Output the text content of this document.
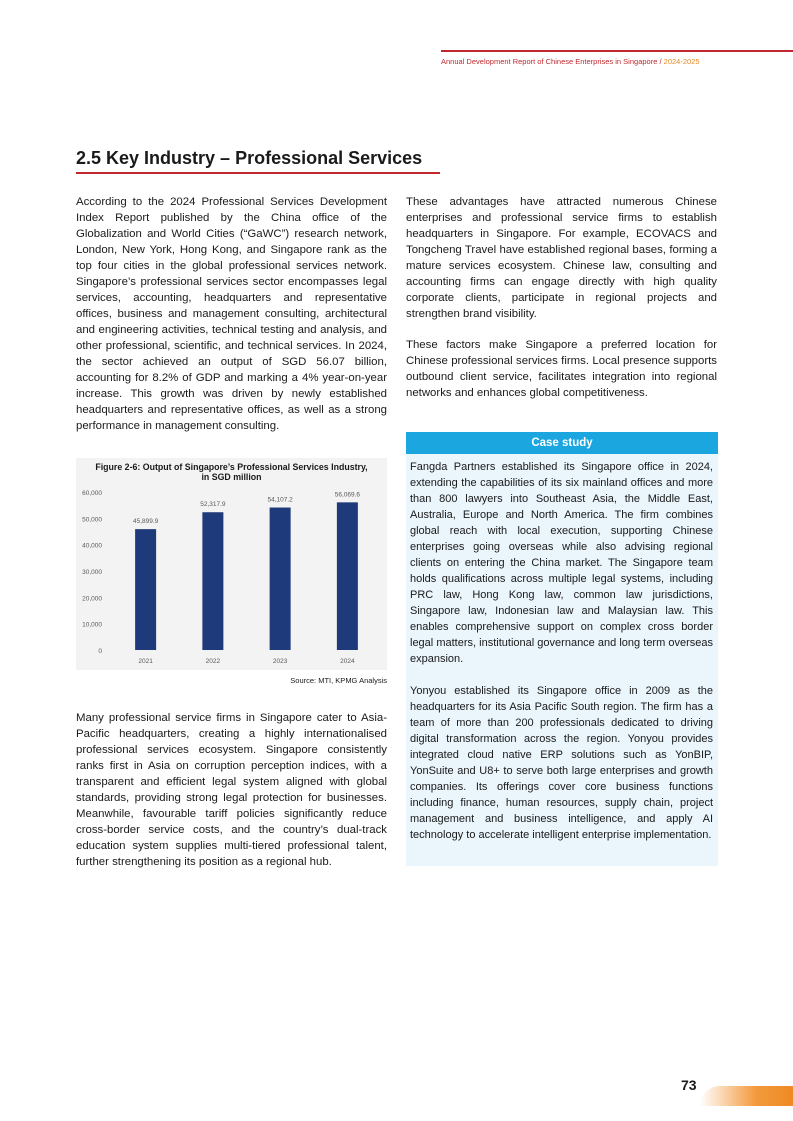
Annual Development Report of Chinese Enterprises in Singapore / 2024-2025
2.5 Key Industry – Professional Services

According to the 2024 Professional Services Development Index Report published by the China office of the Globalization and World Cities (“GaWC”) research network, London, New York, Hong Kong, and Singapore rank as the top four cities in the global professional services network. Singapore’s professional services sector encompasses legal services, accounting, headquarters and representative offices, business and management consulting, architectural and engineering activities, technical testing and analysis, and other professional, scientific, and technical services. In 2024, the sector achieved an output of SGD 56.07 billion, accounting for 8.2% of GDP and marking a 4% year-on-year increase. This growth was driven by newly established headquarters and representative offices, as well as a strong performance in management consulting.

0
10,000
20,000
30,000
40,000
50,000
60,000
45,899.9
2021
52,317.9
2022
54,107.2
2023
56,069.6
2024
Figure 2-6: Output of Singapore’s Professional Services Industry,
in SGD million
Source: MTI, KPMG Analysis

Many professional service firms in Singapore cater to Asia-Pacific headquarters, creating a highly internationalised professional services ecosystem. Singapore consistently ranks first in Asia on corruption perception indices, with a transparent and efficient legal system aligned with global standards, providing strong legal protection for businesses. Meanwhile, favourable tariff policies significantly reduce cross-border service costs, and the country’s dual-track education system supplies multi-tiered professional talent, further strengthening its position as a regional hub.

These advantages have attracted numerous Chinese enterprises and professional service firms to establish headquarters in Singapore. For example, ECOVACS and Tongcheng Travel have established regional bases, forming a mature services ecosystem. Chinese law, consulting and accounting firms can engage directly with high quality corporate clients, participate in regional projects and strengthen brand visibility.

These factors make Singapore a preferred location for Chinese professional services firms. Local presence supports outbound client service, facilitates integration into regional networks and enhances global competitiveness.

Case study

Fangda Partners established its Singapore office in 2024, extending the capabilities of its six mainland offices and more than 800 lawyers into Southeast Asia, the Middle East, Australia, Europe and North America. The firm combines global reach with local execution, supporting Chinese enterprises going overseas while also advising regional clients on entering the China market. The Singapore team holds qualifications across multiple legal systems, including PRC law, Hong Kong law, common law jurisdictions, Singapore law, Indonesian law and Malaysian law. This enables comprehensive support on complex cross border legal matters, institutional governance and long term overseas expansion.

Yonyou established its Singapore office in 2009 as the headquarters for its Asia Pacific South region. The firm has a team of more than 200 professionals dedicated to driving digital transformation across the region. Yonyou provides integrated cloud native ERP solutions such as YonBIP, YonSuite and U8+ to serve both large enterprises and growth companies. Its offerings cover core business functions including finance, human resources, supply chain, project management and business intelligence, and apply AI technology to accelerate intelligent enterprise implementation.

73
